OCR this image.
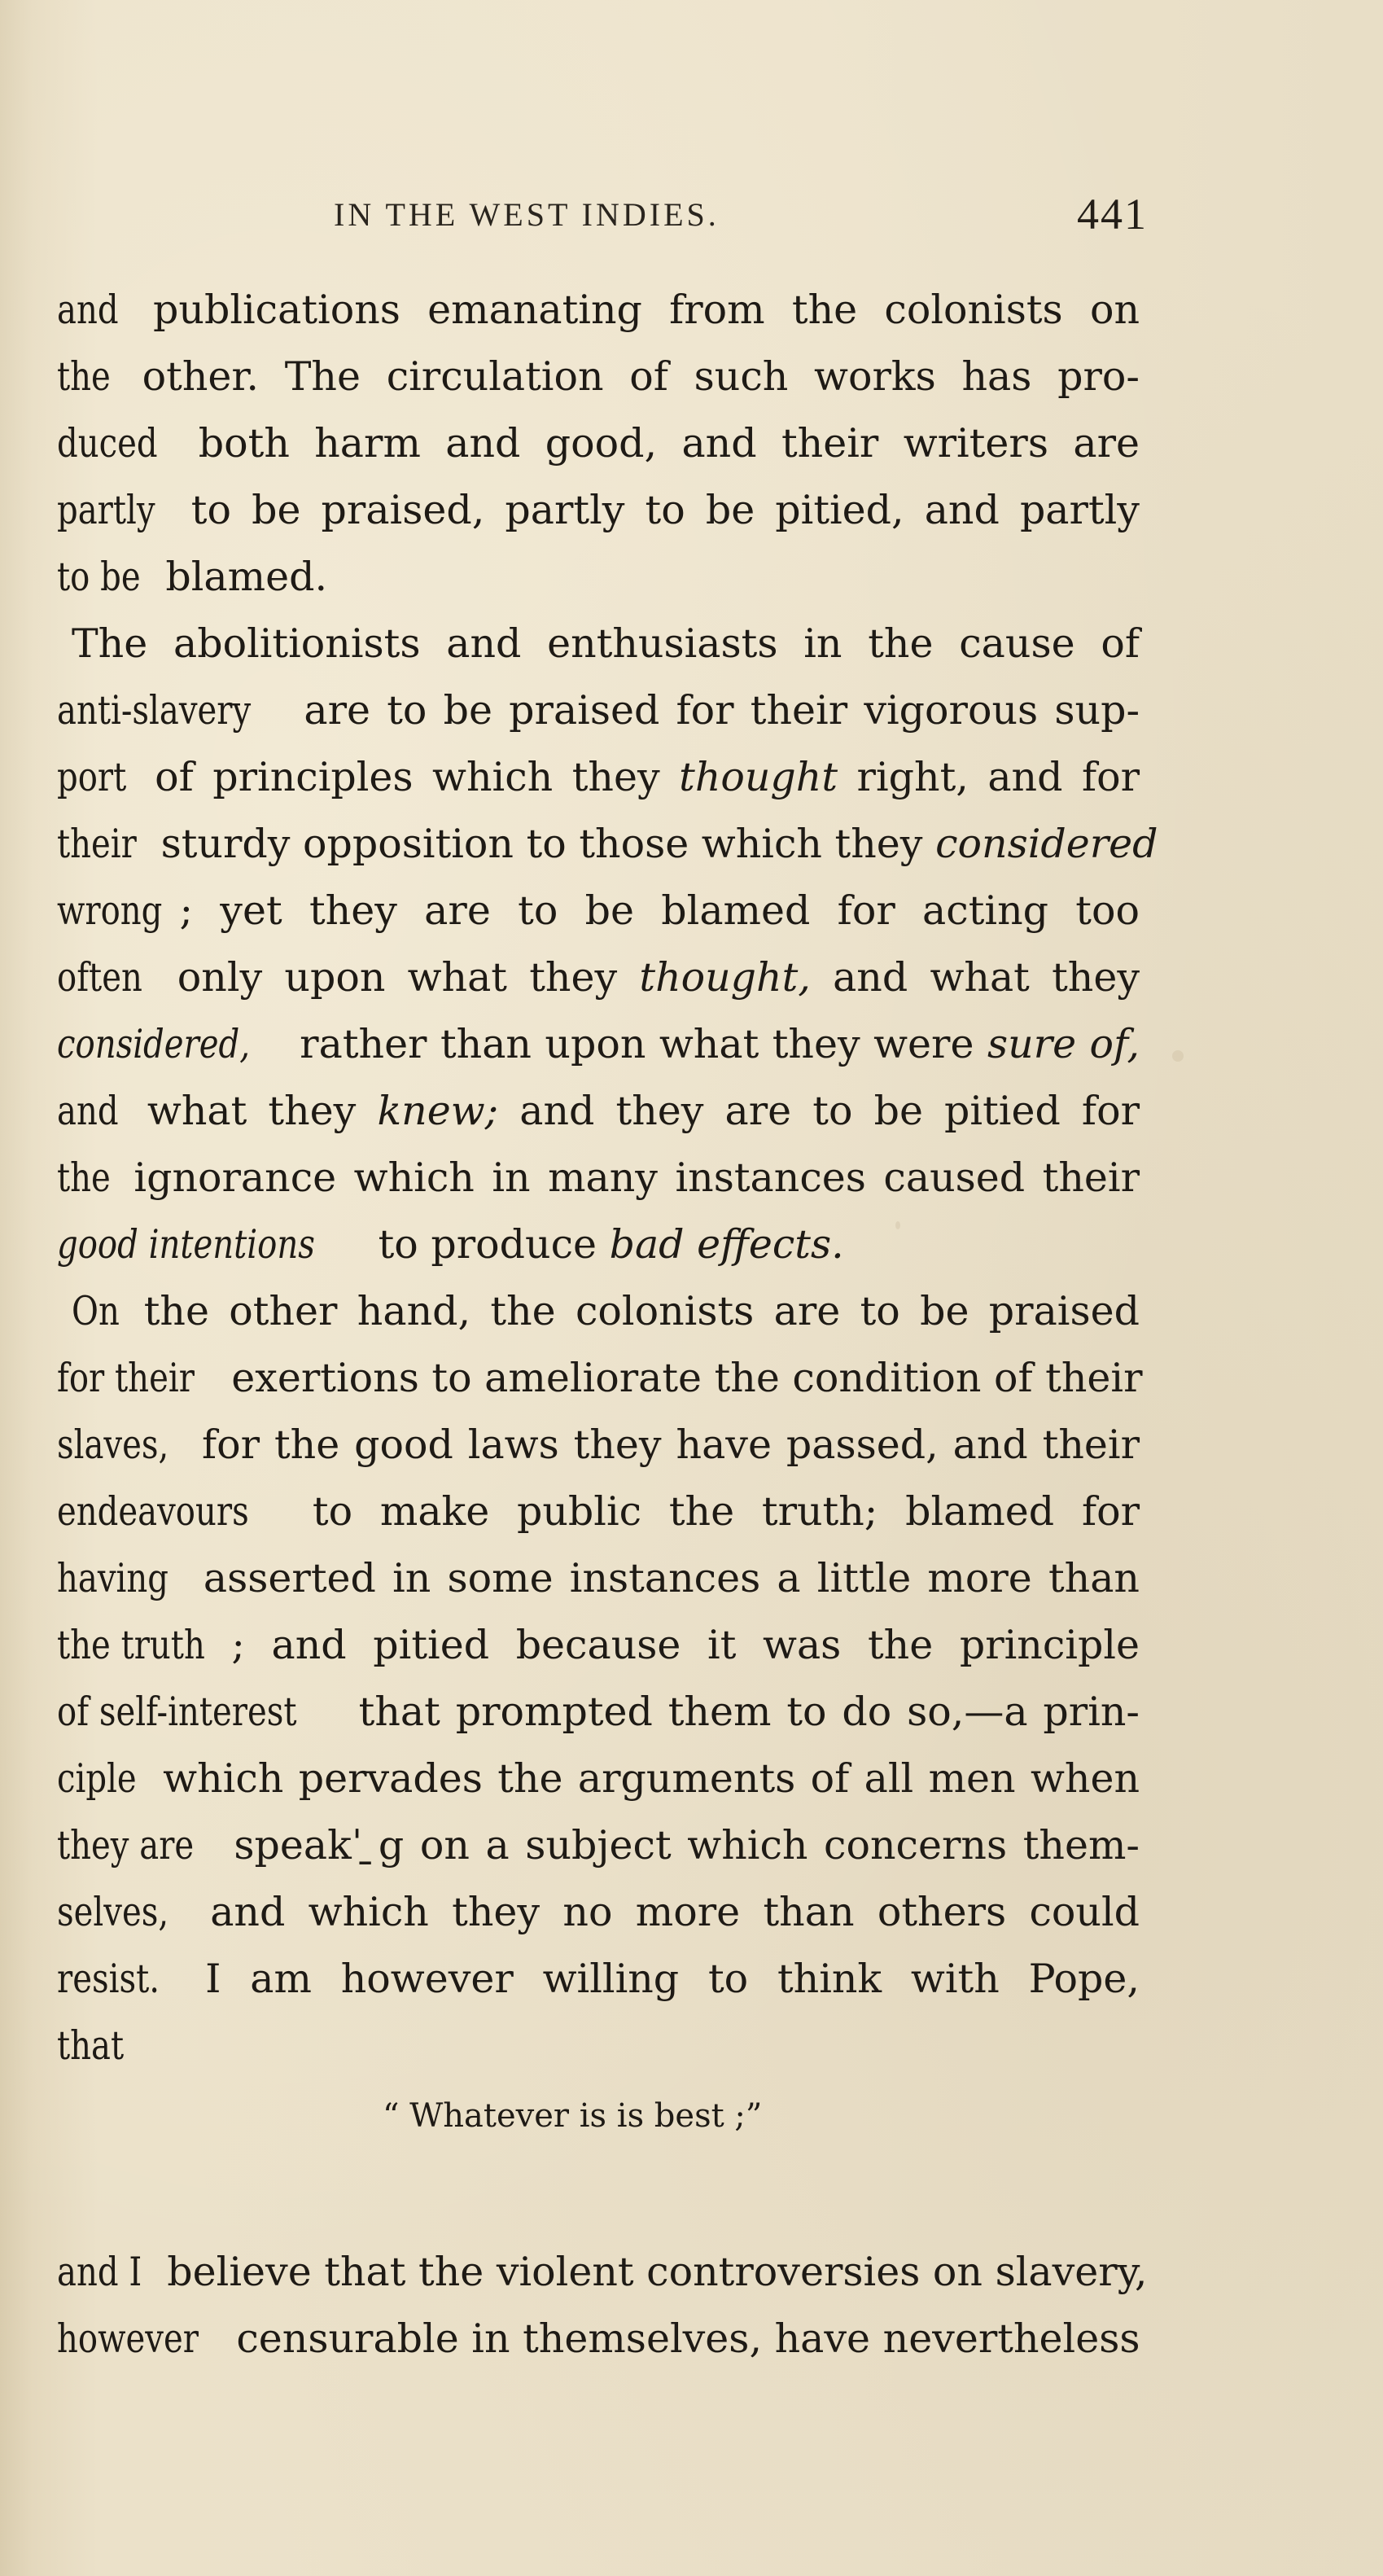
IN THE WEST INDIES.	441
and publications emanating from the colonists on
the other. The circulation of such works has pro-
duced both harm and good, and their writers are
partly to be praised, partly to be pitied, and partly
to be blamed.
The abolitionists and enthusiasts in the cause of
anti-slavery are to be praised for their vigorous sup-
port of principles which they thought right, and for
their sturdy opposition to those which they considered
wrong ; yet they are to be blamed for acting too
often only upon what they thought, and what they
considered, rather than upon what they were sure of,
and what they knew; and they are to be pitied for
the ignorance which in many instances caused their
good intentions to produce bad effects.
On the other hand, the colonists are to be praised
for their exertions to ameliorate the condition of their
slaves, for the good laws they have passed, and their
endeavours to make public the truth; blamed for
having asserted in some instances a little more than
the truth ; and pitied because it was the principle
of self-interest that prompted them to do so,—a prin-
ciple which pervades the arguments of all men when
they are speakˈ ̱g on a subject which concerns them-
selves, and which they no more than others could
resist. I am however willing to think with Pope,
that
“ Whatever is is best ;”
and I believe that the violent controversies on slavery,
however censurable in themselves, have nevertheless
